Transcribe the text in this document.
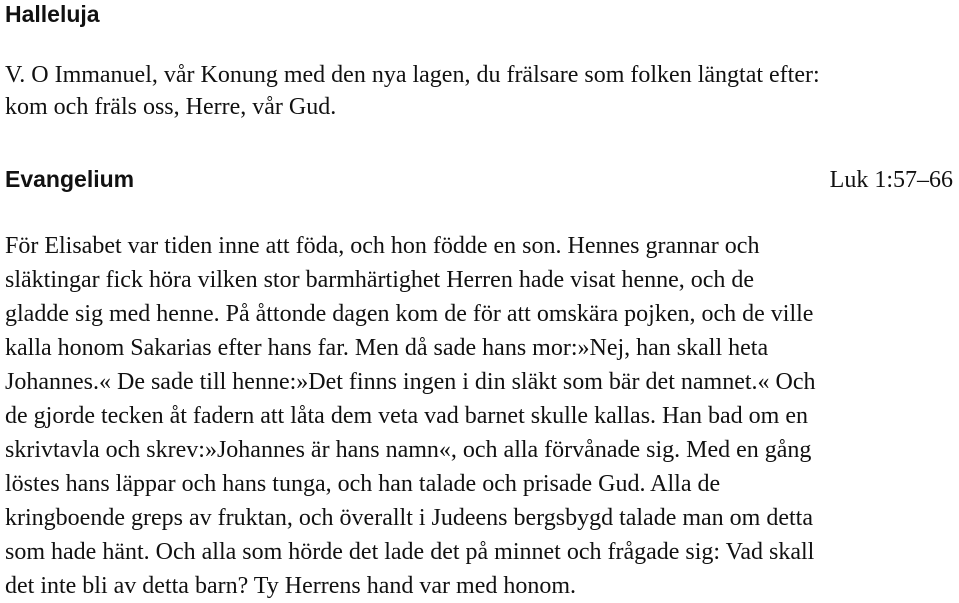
Halleluja
V. O Immanuel, vår Konung med den nya lagen, du frälsare som folken längtat efter:
kom och fräls oss, Herre, vår Gud.
Evangelium	Luk 1:57–66
För Elisabet var tiden inne att föda, och hon födde en son. Hennes grannar och
släktingar fick höra vilken stor barmhärtighet Herren hade visat henne, och de
gladde sig med henne. På åttonde dagen kom de för att omskära pojken, och de ville
kalla honom Sakarias efter hans far. Men då sade hans mor:»Nej, han skall heta
Johannes.« De sade till henne:»Det finns ingen i din släkt som bär det namnet.« Och
de gjorde tecken åt fadern att låta dem veta vad barnet skulle kallas. Han bad om en
skrivtavla och skrev:»Johannes är hans namn«, och alla förvånade sig. Med en gång
löstes hans läppar och hans tunga, och han talade och prisade Gud. Alla de
kringboende greps av fruktan, och överallt i Judeens bergsbygd talade man om detta
som hade hänt. Och alla som hörde det lade det på minnet och frågade sig: Vad skall
det inte bli av detta barn? Ty Herrens hand var med honom.
